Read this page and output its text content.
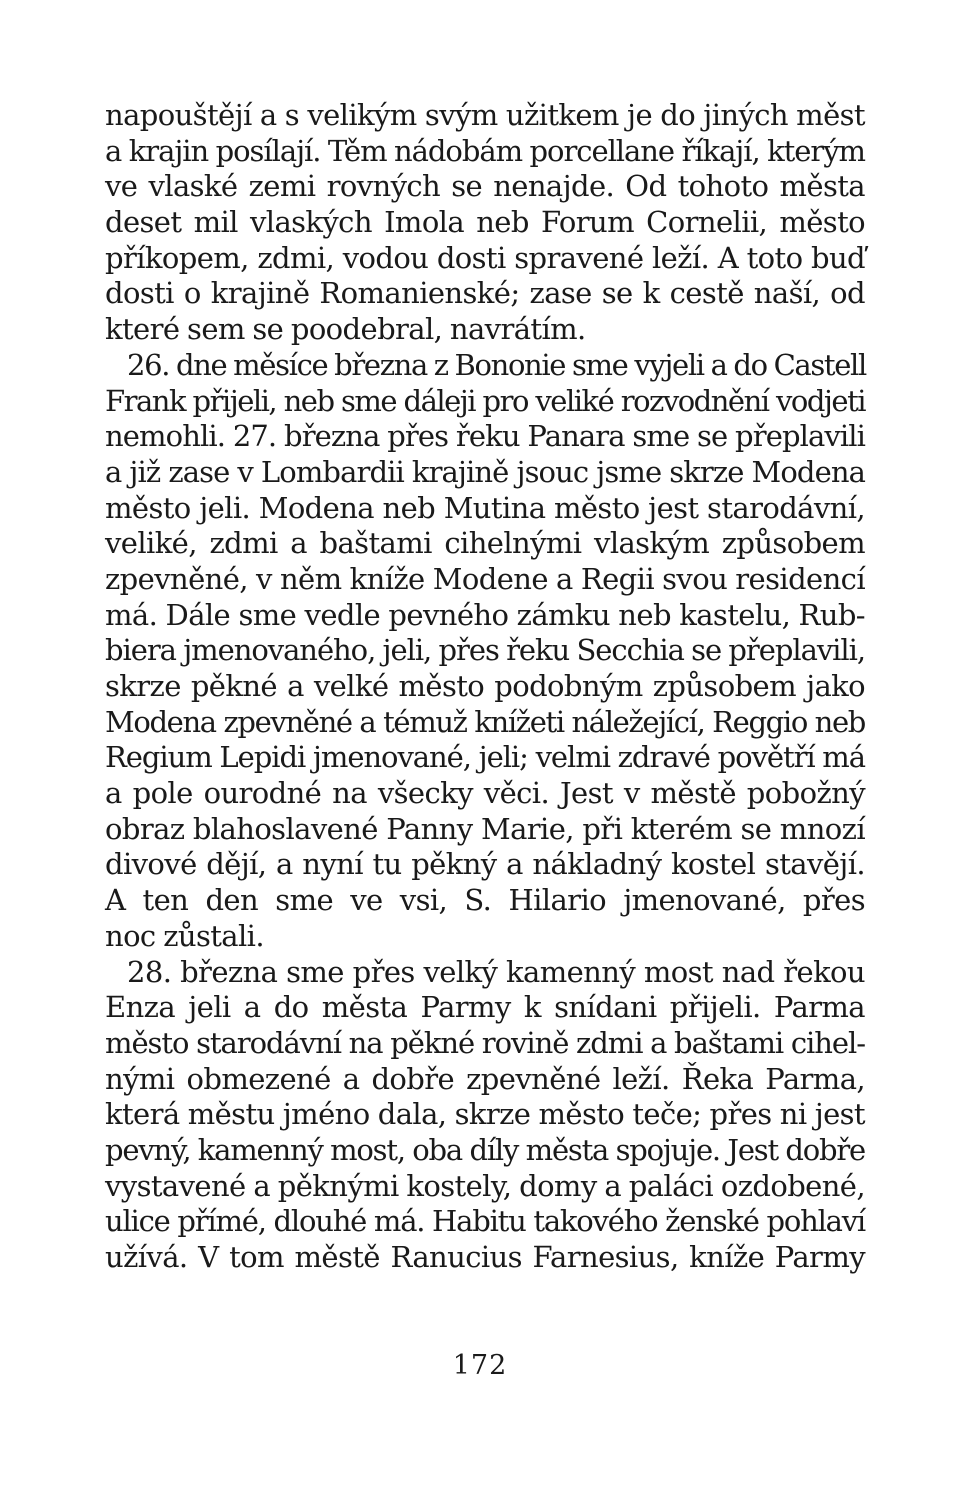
napouštějí a s velikým svým užitkem je do jiných měst
a krajin posílají. Těm nádobám porcellane říkají, kterým
ve vlaské zemi rovných se nenajde. Od tohoto města
deset mil vlaských Imola neb Forum Cornelii, město
příkopem, zdmi, vodou dosti spravené leží. A toto buď
dosti o krajině Romanienské; zase se k cestě naší, od
které sem se poodebral, navrátím.
26. dne měsíce března z Bononie sme vyjeli a do Castell
Frank přijeli, neb sme dáleji pro veliké rozvodnění vodjeti
nemohli. 27. března přes řeku Panara sme se přeplavili
a již zase v Lombardii krajině jsouc jsme skrze Modena
město jeli. Modena neb Mutina město jest starodávní,
veliké, zdmi a baštami cihelnými vlaským způsobem
zpevněné, v něm kníže Modene a Regii svou residencí
má. Dále sme vedle pevného zámku neb kastelu, Rub-
biera jmenovaného, jeli, přes řeku Secchia se přeplavili,
skrze pěkné a velké město podobným způsobem jako
Modena zpevněné a témuž knížeti náležející, Reggio neb
Regium Lepidi jmenované, jeli; velmi zdravé povětří má
a pole ourodné na všecky věci. Jest v městě pobožný
obraz blahoslavené Panny Marie, při kterém se mnozí
divové dějí, a nyní tu pěkný a nákladný kostel stavějí.
A ten den sme ve vsi, S. Hilario jmenované, přes
noc zůstali.
28. března sme přes velký kamenný most nad řekou
Enza jeli a do města Parmy k snídani přijeli. Parma
město starodávní na pěkné rovině zdmi a baštami cihel-
nými obmezené a dobře zpevněné leží. Řeka Parma,
která městu jméno dala, skrze město teče; přes ni jest
pevný, kamenný most, oba díly města spojuje. Jest dobře
vystavené a pěknými kostely, domy a paláci ozdobené,
ulice přímé, dlouhé má. Habitu takového ženské pohlaví
užívá. V tom městě Ranucius Farnesius, kníže Parmy
172
